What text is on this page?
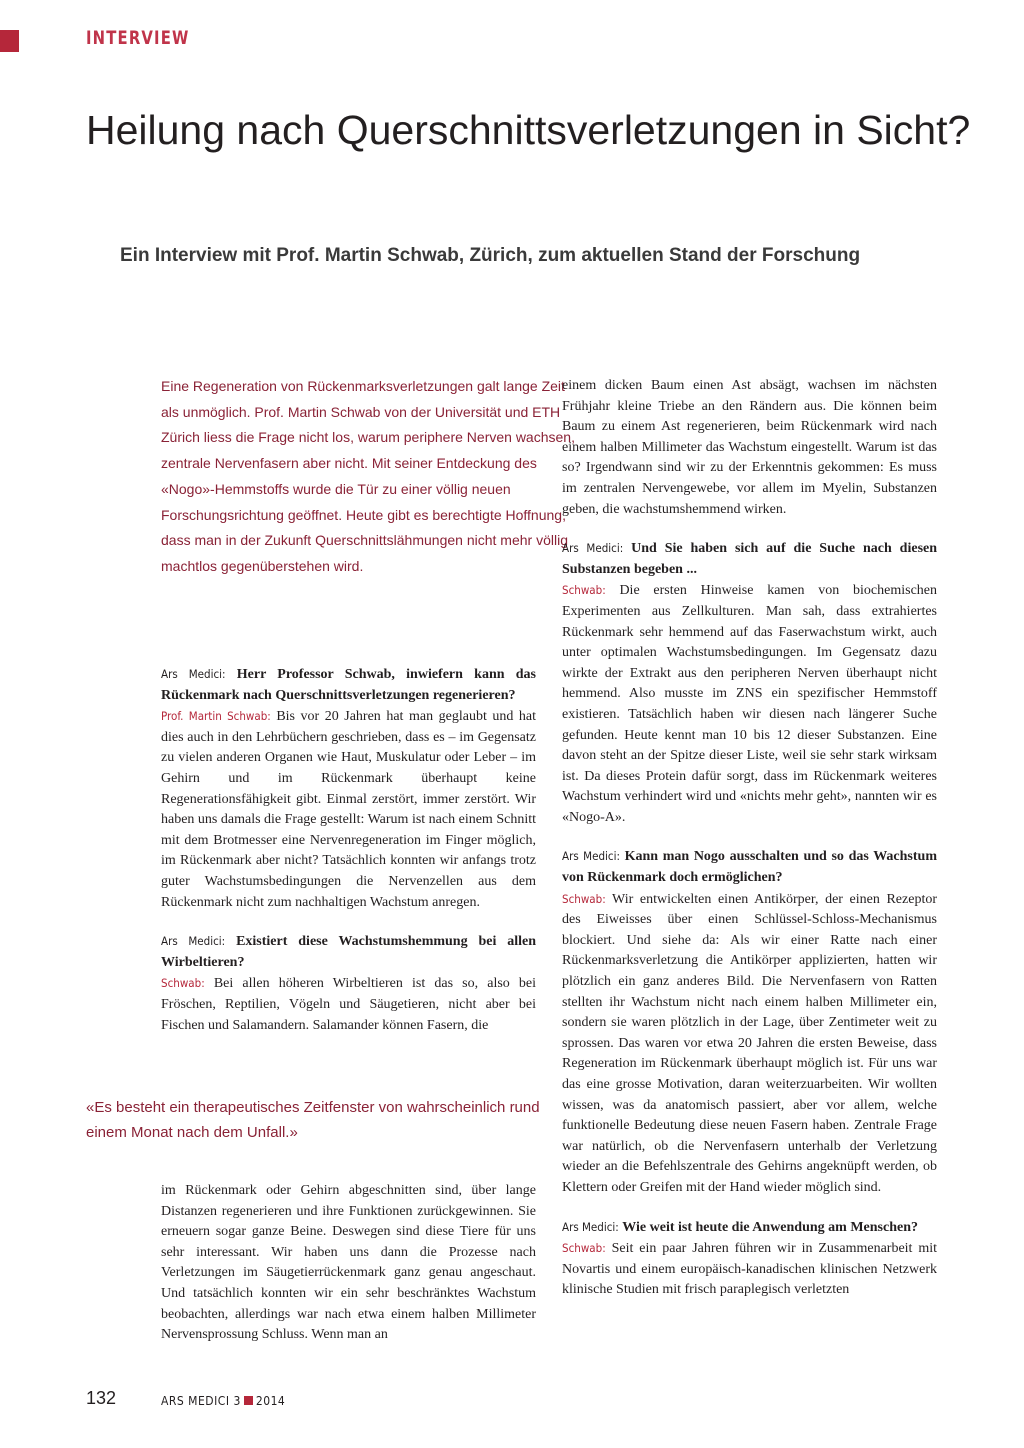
INTERVIEW

Heilung nach Querschnittsverletzungen in Sicht?
Ein Interview mit Prof. Martin Schwab, Zürich, zum aktuellen Stand der Forschung

Eine Regeneration von Rückenmarksverletzungen galt lange Zeit als unmöglich. Prof. Martin Schwab von der Universität und ETH Zürich liess die Frage nicht los, warum periphere Nerven wachsen, zentrale Nervenfasern aber nicht. Mit seiner Entdeckung des «Nogo»-Hemmstoffs wurde die Tür zu einer völlig neuen Forschungsrichtung geöffnet. Heute gibt es berechtigte Hoffnung, dass man in der Zukunft Querschnittslähmungen nicht mehr völlig machtlos gegenüberstehen wird.

Ars Medici: Herr Professor Schwab, inwiefern kann das Rückenmark nach Querschnittsverletzungen regenerieren?

Prof. Martin Schwab: Bis vor 20 Jahren hat man geglaubt und hat dies auch in den Lehrbüchern geschrieben, dass es – im Gegensatz zu vielen anderen Organen wie Haut, Muskulatur oder Leber – im Gehirn und im Rückenmark überhaupt keine Regenerationsfähigkeit gibt. Einmal zerstört, immer zerstört. Wir haben uns damals die Frage gestellt: Warum ist nach einem Schnitt mit dem Brotmesser eine Nervenregeneration im Finger möglich, im Rückenmark aber nicht? Tatsächlich konnten wir anfangs trotz guter Wachstumsbedingungen die Nervenzellen aus dem Rückenmark nicht zum nachhaltigen Wachstum anregen.

Ars Medici: Existiert diese Wachstumshemmung bei allen Wirbeltieren?

Schwab: Bei allen höheren Wirbeltieren ist das so, also bei Fröschen, Reptilien, Vögeln und Säugetieren, nicht aber bei Fischen und Salamandern. Salamander können Fasern, die

«Es besteht ein therapeutisches Zeitfenster von wahrscheinlich rund einem Monat nach dem Unfall.»

im Rückenmark oder Gehirn abgeschnitten sind, über lange Distanzen regenerieren und ihre Funktionen zurückgewinnen. Sie erneuern sogar ganze Beine. Deswegen sind diese Tiere für uns sehr interessant. Wir haben uns dann die Prozesse nach Verletzungen im Säugetierrückenmark ganz genau angeschaut. Und tatsächlich konnten wir ein sehr beschränktes Wachstum beobachten, allerdings war nach etwa einem halben Millimeter Nervensprossung Schluss. Wenn man an

einem dicken Baum einen Ast absägt, wachsen im nächsten Frühjahr kleine Triebe an den Rändern aus. Die können beim Baum zu einem Ast regenerieren, beim Rückenmark wird nach einem halben Millimeter das Wachstum eingestellt. Warum ist das so? Irgendwann sind wir zu der Erkenntnis gekommen: Es muss im zentralen Nervengewebe, vor allem im Myelin, Substanzen geben, die wachstumshemmend wirken.

Ars Medici: Und Sie haben sich auf die Suche nach diesen Substanzen begeben ...

Schwab: Die ersten Hinweise kamen von biochemischen Experimenten aus Zellkulturen. Man sah, dass extrahiertes Rückenmark sehr hemmend auf das Faserwachstum wirkt, auch unter optimalen Wachstumsbedingungen. Im Gegensatz dazu wirkte der Extrakt aus den peripheren Nerven überhaupt nicht hemmend. Also musste im ZNS ein spezifischer Hemmstoff existieren. Tatsächlich haben wir diesen nach längerer Suche gefunden. Heute kennt man 10 bis 12 dieser Substanzen. Eine davon steht an der Spitze dieser Liste, weil sie sehr stark wirksam ist. Da dieses Protein dafür sorgt, dass im Rückenmark weiteres Wachstum verhindert wird und «nichts mehr geht», nannten wir es «Nogo-A».

Ars Medici: Kann man Nogo ausschalten und so das Wachstum von Rückenmark doch ermöglichen?

Schwab: Wir entwickelten einen Antikörper, der einen Rezeptor des Eiweisses über einen Schlüssel-Schloss-Mechanismus blockiert. Und siehe da: Als wir einer Ratte nach einer Rückenmarksverletzung die Antikörper applizierten, hatten wir plötzlich ein ganz anderes Bild. Die Nervenfasern von Ratten stellten ihr Wachstum nicht nach einem halben Millimeter ein, sondern sie waren plötzlich in der Lage, über Zentimeter weit zu sprossen. Das waren vor etwa 20 Jahren die ersten Beweise, dass Regeneration im Rückenmark überhaupt möglich ist. Für uns war das eine grosse Motivation, daran weiterzuarbeiten. Wir wollten wissen, was da anatomisch passiert, aber vor allem, welche funktionelle Bedeutung diese neuen Fasern haben. Zentrale Frage war natürlich, ob die Nervenfasern unterhalb der Verletzung wieder an die Befehlszentrale des Gehirns angeknüpft werden, ob Klettern oder Greifen mit der Hand wieder möglich sind.

Ars Medici: Wie weit ist heute die Anwendung am Menschen?

Schwab: Seit ein paar Jahren führen wir in Zusammenarbeit mit Novartis und einem europäisch-kanadischen klinischen Netzwerk klinische Studien mit frisch paraplegisch verletzten

132	ARS MEDICI 3 2014
